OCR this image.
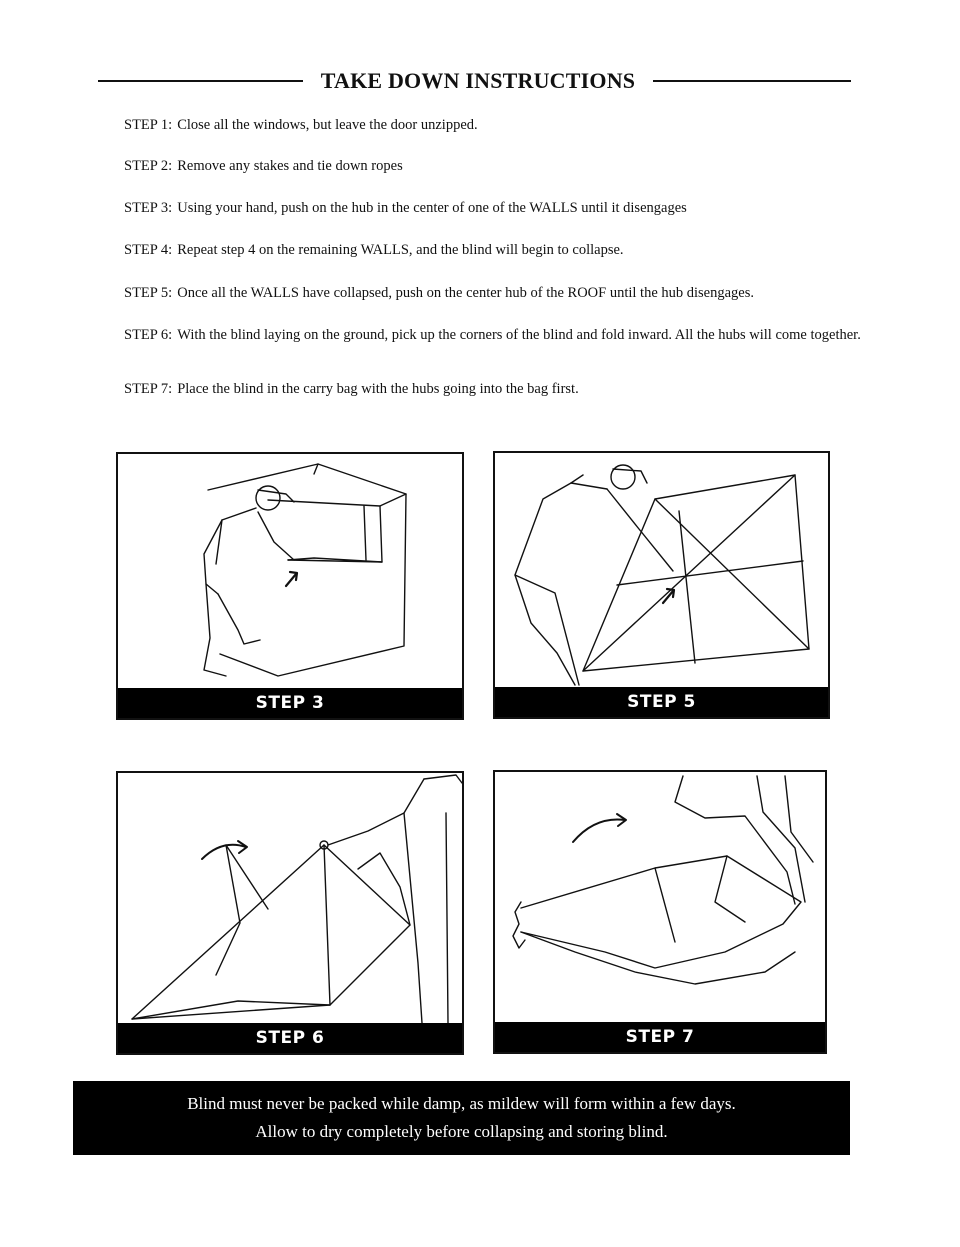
TAKE DOWN INSTRUCTIONS
STEP 1: Close all the windows, but leave the door unzipped.
STEP 2: Remove any stakes and tie down ropes
STEP 3: Using your hand, push on the hub in the center of one of the WALLS until it disengages
STEP 4: Repeat step 4 on the remaining WALLS, and the blind will begin to collapse.
STEP 5: Once all the WALLS have collapsed, push on the center hub of the ROOF until the hub disengages.
STEP 6: With the blind laying on the ground, pick up the corners of the blind and fold inward. All the hubs will come together.
STEP 7: Place the blind in the carry bag with the hubs going into the bag first.
STEP 3	STEP 5
STEP 6	STEP 7
Blind must never be packed while damp, as mildew will form within a few days.
Allow to dry completely before collapsing and storing blind.
